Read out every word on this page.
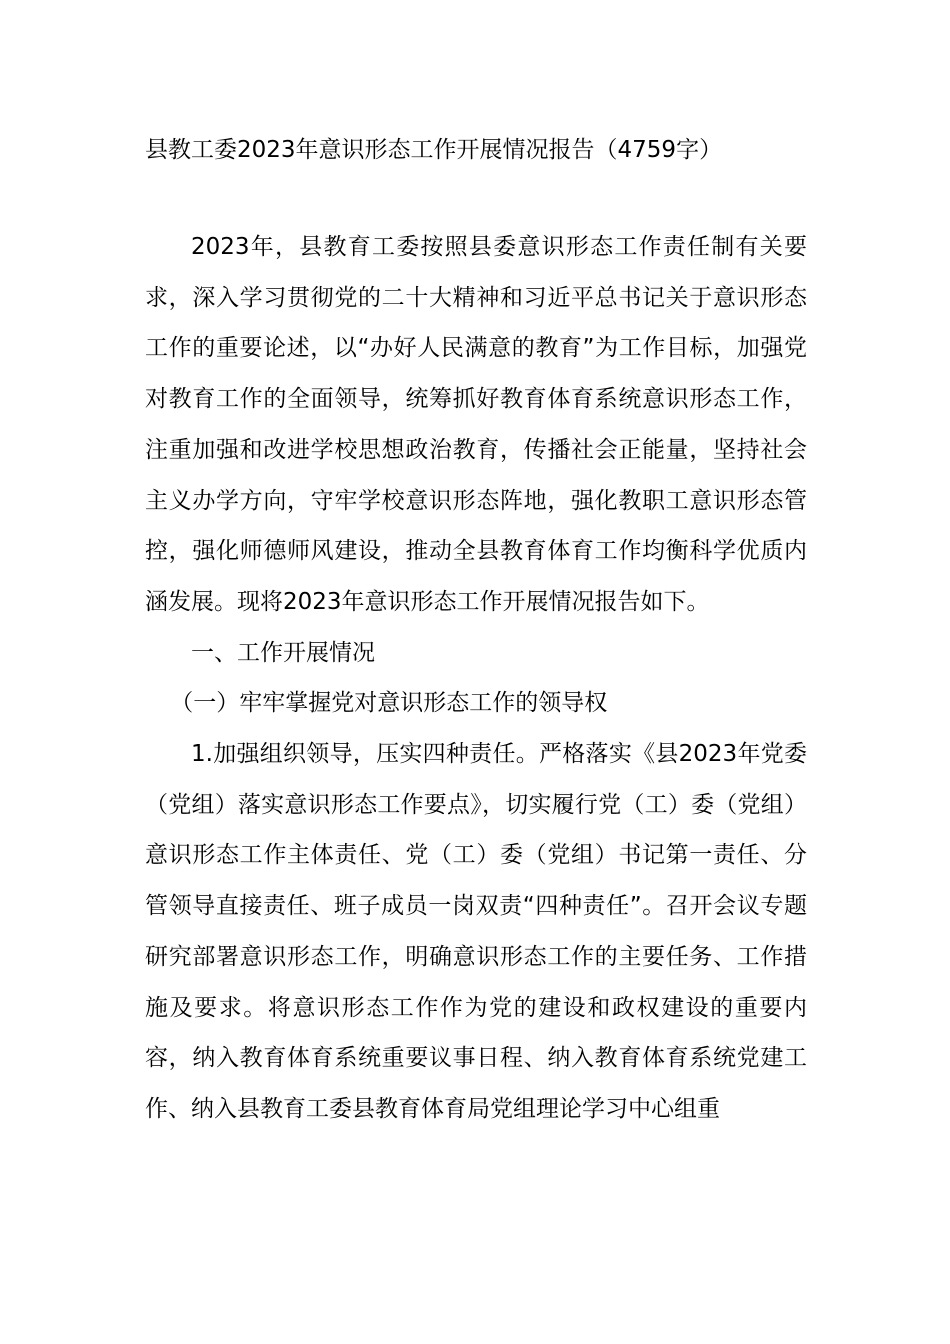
县教工委2023年意识形态工作开展情况报告（4759字）

2023年，县教育工委按照县委意识形态工作责任制有关要求，深入学习贯彻党的二十大精神和习近平总书记关于意识形态工作的重要论述，以“办好人民满意的教育”为工作目标，加强党对教育工作的全面领导，统筹抓好教育体育系统意识形态工作，注重加强和改进学校思想政治教育，传播社会正能量，坚持社会主义办学方向，守牢学校意识形态阵地，强化教职工意识形态管控，强化师德师风建设，推动全县教育体育工作均衡科学优质内涵发展。现将2023年意识形态工作开展情况报告如下。

一、工作开展情况

（一）牢牢掌握党对意识形态工作的领导权

1.加强组织领导，压实四种责任。严格落实《县2023年党委（党组）落实意识形态工作要点》，切实履行党（工）委（党组）意识形态工作主体责任、党（工）委（党组）书记第一责任、分管领导直接责任、班子成员一岗双责“四种责任”。召开会议专题研究部署意识形态工作，明确意识形态工作的主要任务、工作措施及要求。将意识形态工作作为党的建设和政权建设的重要内容，纳入教育体育系统重要议事日程、纳入教育体育系统党建工作、纳入县教育工委县教育体育局党组理论学习中心组重
